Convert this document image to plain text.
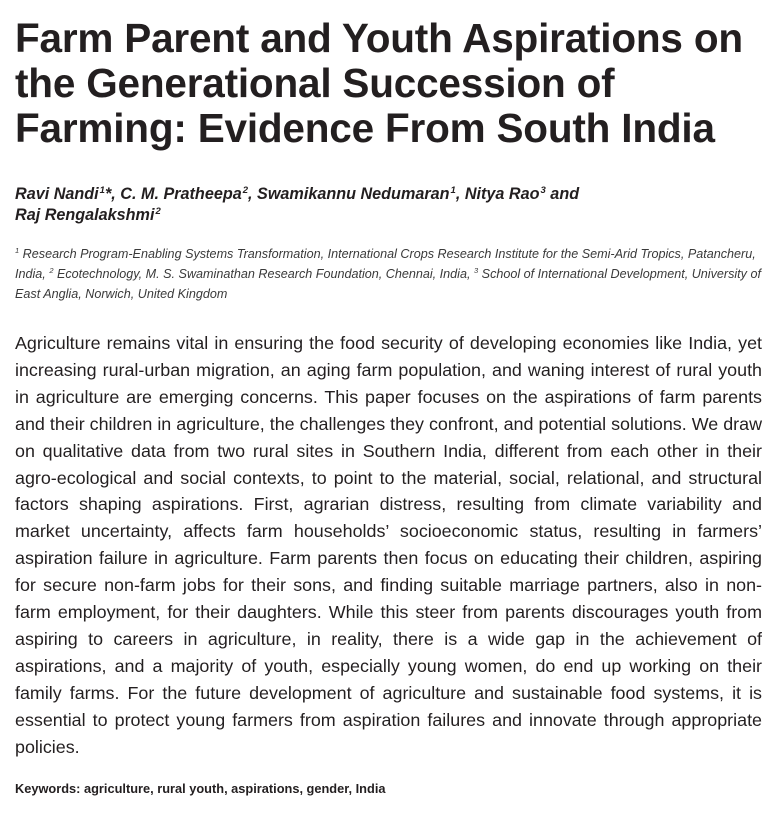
Farm Parent and Youth Aspirations on the Generational Succession of Farming: Evidence From South India
Ravi Nandi$^1$*, C. M. Pratheepa$^2$, Swamikannu Nedumaran$^1$, Nitya Rao$^3$ and
Raj Rengalakshmi$^2$
$^1$ Research Program-Enabling Systems Transformation, International Crops Research Institute for the Semi-Arid Tropics, Patancheru, India, $^2$ Ecotechnology, M. S. Swaminathan Research Foundation, Chennai, India, $^3$ School of International Development, University of East Anglia, Norwich, United Kingdom

Agriculture remains vital in ensuring the food security of developing economies like India, yet increasing rural-urban migration, an aging farm population, and waning interest of rural youth in agriculture are emerging concerns. This paper focuses on the aspirations of farm parents and their children in agriculture, the challenges they confront, and potential solutions. We draw on qualitative data from two rural sites in Southern India, different from each other in their agro-ecological and social contexts, to point to the material, social, relational, and structural factors shaping aspirations. First, agrarian distress, resulting from climate variability and market uncertainty, affects farm households’ socioeconomic status, resulting in farmers’ aspiration failure in agriculture. Farm parents then focus on educating their children, aspiring for secure non-farm jobs for their sons, and finding suitable marriage partners, also in non-farm employment, for their daughters. While this steer from parents discourages youth from aspiring to careers in agriculture, in reality, there is a wide gap in the achievement of aspirations, and a majority of youth, especially young women, do end up working on their family farms. For the future development of agriculture and sustainable food systems, it is essential to protect young farmers from aspiration failures and innovate through appropriate policies.

Keywords: agriculture, rural youth, aspirations, gender, India
